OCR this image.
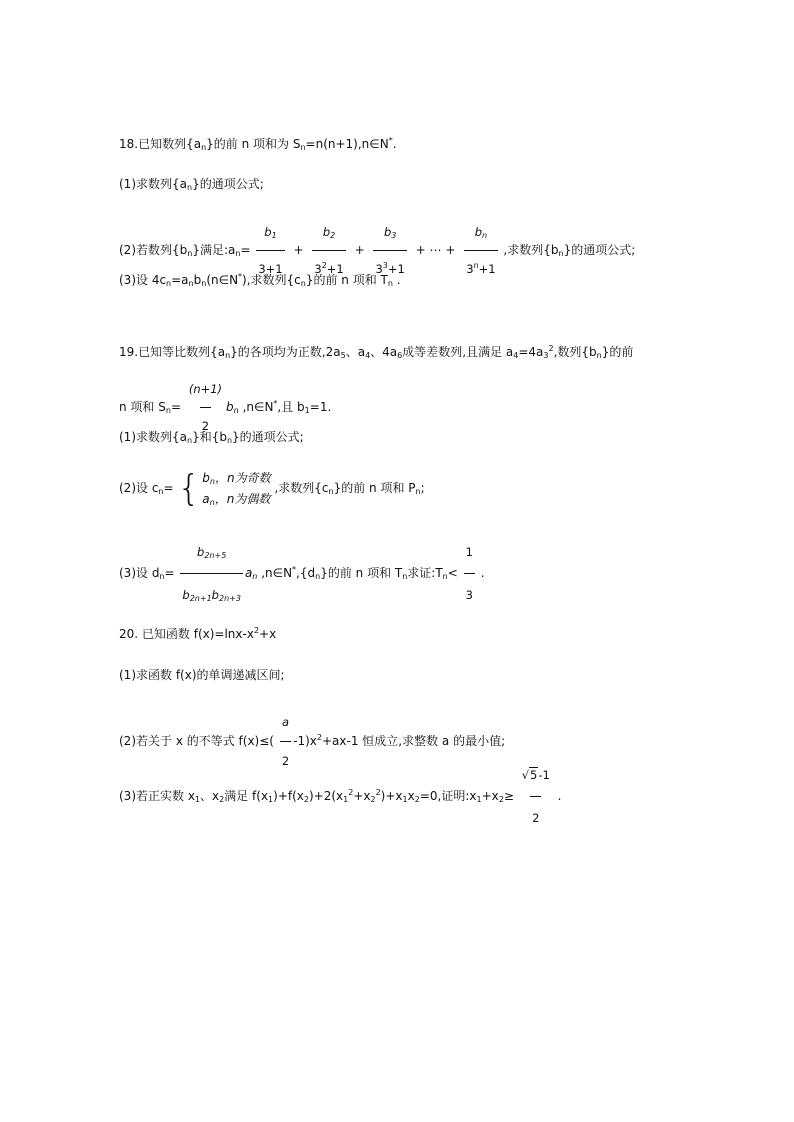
18.已知数列$\{a_n\}$的前 n 项和为 $S_n=n(n+1),n\in N^*$.
(1)求数列$\{a_n\}$的通项公式;
(2)若数列$\{b_n\}$满足$:a_n= \frac{b_1}{3+1} + \frac{b_2}{3^2+1} + \frac{b_3}{3^3+1}$ + ⋯ + $\frac{b_n}{3^n+1}$ ,求数列$\{b_n\}$的通项公式;
(3)设 $4c_n=a_nb_n(n\in N^*)$,求数列$\{c_n\}$的前 n 项和 $T_n$ .
19.已知等比数列$\{a_n\}$的各项均为正数$,2a_5$、$a_4$、$4a_6$成等差数列,且满足 $a_4=4a_3^2$,数列$\{b_n\}$的前
n 项和 $S_n= \frac{(n+1)}{2} b_n$ ,n∈N*,且 $b_1=1$.
(1)求数列$\{a_n\}$和$\{b_n\}$的通项公式;
(2)设 $c_n=$ { $b_n$，n为奇数
$a_n$，n为偶数
,求数列$\{c_n\}$的前 n 项和 $P_n$;
(3)设 $d_n= \frac{b_{2n+5}}{b_{2n+1}b_{2n+3}} a_n$ $,n\in N^*,\{d_n\}$的前 n 项和 $T_n$求证$:T_n< \frac{1}{3}$ .
20. 已知函数 $f(x)=\ln x-x^2+x$
(1)求函数 f(x)的单调递减区间;
(2)若关于 x 的不等式 $f(x)\le( \frac{a}{2} -1)x^2+ax-1$ 恒成立,求整数 a 的最小值;
(3)若正实数 $x_1$、$x_2$满足 $f(x_1)+f(x_2)+2(x_1^2+x_2^2)+x_1x_2=0$,证明$:x_1+x_2\ge \frac{√5-1}{2}$ .
